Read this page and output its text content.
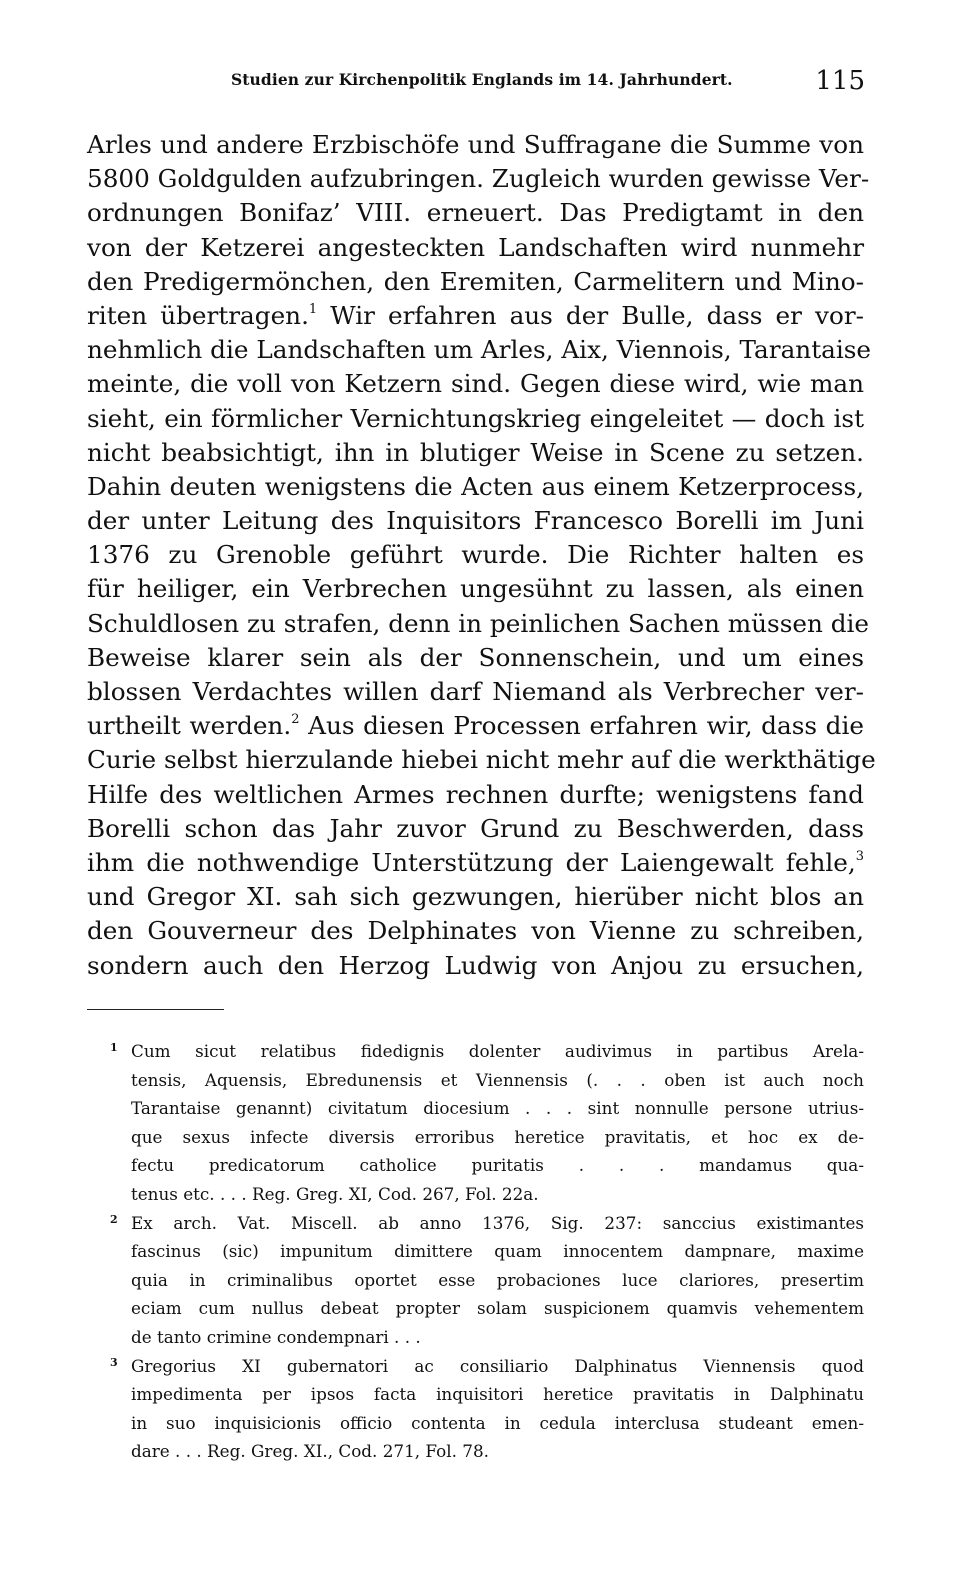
Studien zur Kirchenpolitik Englands im 14. Jahrhundert.	115
Arles und andere Erzbischöfe und Suffragane die Summe von
5800 Goldgulden aufzubringen. Zugleich wurden gewisse Ver-
ordnungen Bonifaz’ VIII. erneuert. Das Predigtamt in den
von der Ketzerei angesteckten Landschaften wird nunmehr
den Predigermönchen, den Eremiten, Carmelitern und Mino-
riten übertragen.$^1$ Wir erfahren aus der Bulle, dass er vor-
nehmlich die Landschaften um Arles, Aix, Viennois, Tarantaise
meinte, die voll von Ketzern sind. Gegen diese wird, wie man
sieht, ein förmlicher Vernichtungskrieg eingeleitet — doch ist
nicht beabsichtigt, ihn in blutiger Weise in Scene zu setzen.
Dahin deuten wenigstens die Acten aus einem Ketzerprocess,
der unter Leitung des Inquisitors Francesco Borelli im Juni
1376 zu Grenoble geführt wurde. Die Richter halten es
für heiliger, ein Verbrechen ungesühnt zu lassen, als einen
Schuldlosen zu strafen, denn in peinlichen Sachen müssen die
Beweise klarer sein als der Sonnenschein, und um eines
blossen Verdachtes willen darf Niemand als Verbrecher ver-
urtheilt werden.$^2$ Aus diesen Processen erfahren wir, dass die
Curie selbst hierzulande hiebei nicht mehr auf die werkthätige
Hilfe des weltlichen Armes rechnen durfte; wenigstens fand
Borelli schon das Jahr zuvor Grund zu Beschwerden, dass
ihm die nothwendige Unterstützung der Laiengewalt fehle,$^3$
und Gregor XI. sah sich gezwungen, hierüber nicht blos an
den Gouverneur des Delphinates von Vienne zu schreiben,
sondern auch den Herzog Ludwig von Anjou zu ersuchen,
1 Cum sicut relatibus fidedignis dolenter audivimus in partibus Arela-
tensis, Aquensis, Ebredunensis et Viennensis (. . . oben ist auch noch
Tarantaise genannt) civitatum diocesium . . . sint nonnulle persone utrius-
que sexus infecte diversis erroribus heretice pravitatis, et hoc ex de-
fectu predicatorum catholice puritatis . . . mandamus qua-
tenus etc. . . . Reg. Greg. XI, Cod. 267, Fol. 22a.
2 Ex arch. Vat. Miscell. ab anno 1376, Sig. 237: sanccius existimantes
fascinus (sic) impunitum dimittere quam innocentem dampnare, maxime
quia in criminalibus oportet esse probaciones luce clariores, presertim
eciam cum nullus debeat propter solam suspicionem quamvis vehementem
de tanto crimine condempnari . . .
3 Gregorius XI gubernatori ac consiliario Dalphinatus Viennensis quod
impedimenta per ipsos facta inquisitori heretice pravitatis in Dalphinatu
in suo inquisicionis officio contenta in cedula interclusa studeant emen-
dare . . . Reg. Greg. XI., Cod. 271, Fol. 78.
